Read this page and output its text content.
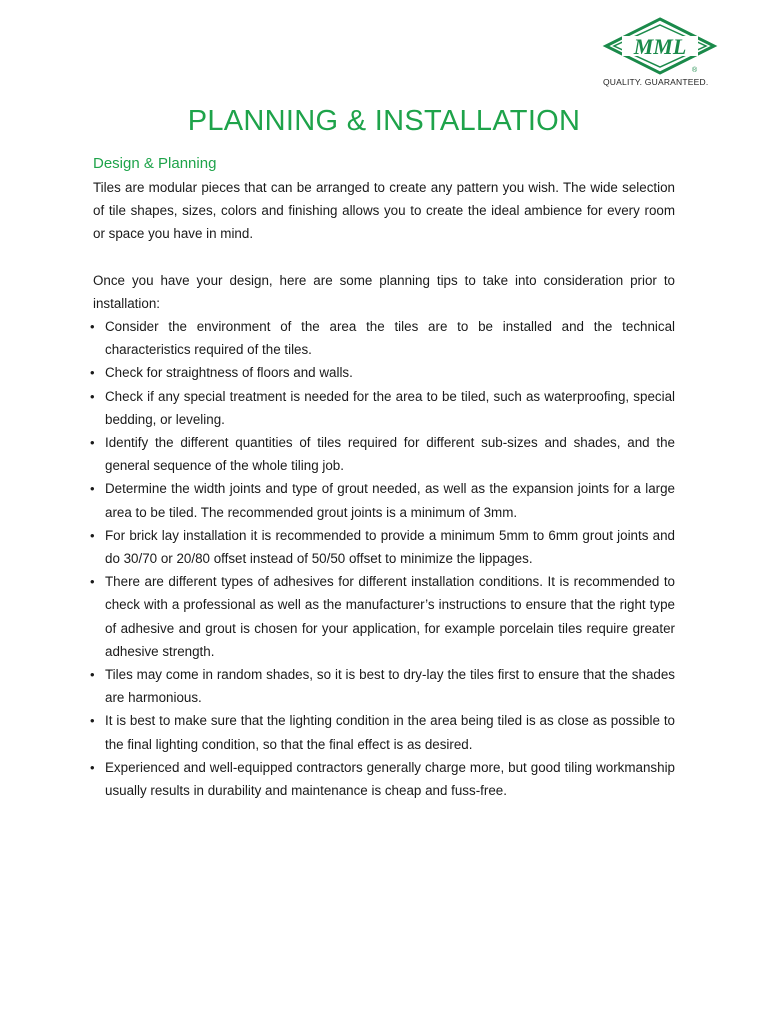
MML
®
QUALITY. GUARANTEED.
PLANNING & INSTALLATION
Design & Planning

Tiles are modular pieces that can be arranged to create any pattern you wish. The wide selection of tile shapes, sizes, colors and finishing allows you to create the ideal ambience for every room or space you have in mind.

Once you have your design, here are some planning tips to take into consideration prior to installation:

• Consider the environment of the area the tiles are to be installed and the technical characteristics required of the tiles.
• Check for straightness of floors and walls.
• Check if any special treatment is needed for the area to be tiled, such as waterproofing, special bedding, or leveling.
• Identify the different quantities of tiles required for different sub-sizes and shades, and the general sequence of the whole tiling job.
• Determine the width joints and type of grout needed, as well as the expansion joints for a large area to be tiled. The recommended grout joints is a minimum of 3mm.
• For brick lay installation it is recommended to provide a minimum 5mm to 6mm grout joints and do 30/70 or 20/80 offset instead of 50/50 offset to minimize the lippages.
• There are different types of adhesives for different installation conditions. It is recommended to check with a professional as well as the manufacturer’s instructions to ensure that the right type of adhesive and grout is chosen for your application, for example porcelain tiles require greater adhesive strength.
• Tiles may come in random shades, so it is best to dry-lay the tiles first to ensure that the shades are harmonious.
• It is best to make sure that the lighting condition in the area being tiled is as close as possible to the final lighting condition, so that the final effect is as desired.
• Experienced and well-equipped contractors generally charge more, but good tiling workmanship usually results in durability and maintenance is cheap and fuss-free.
